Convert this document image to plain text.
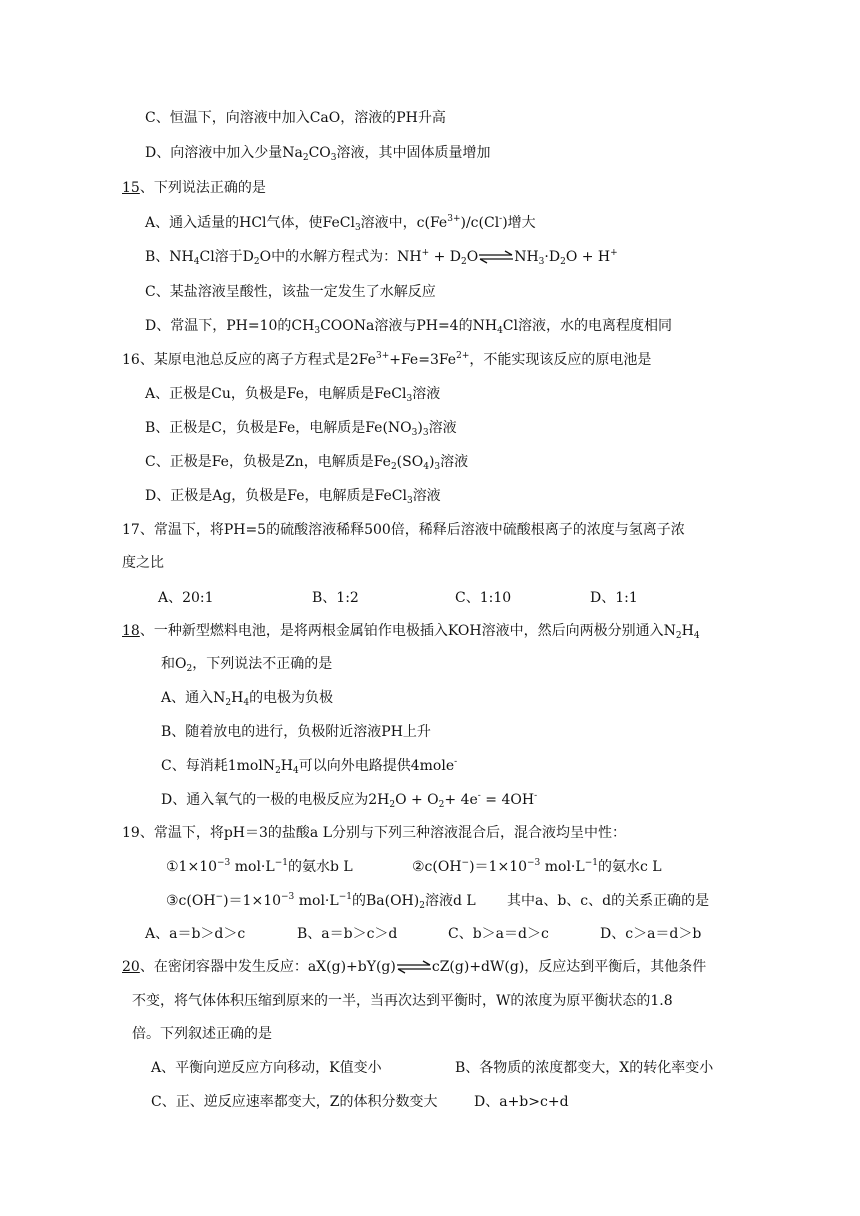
C、恒温下，向溶液中加入CaO，溶液的PH升高
D、向溶液中加入少量$Na_2CO_3$溶液，其中固体质量增加
15、下列说法正确的是
A、通入适量的HCl气体，使FeCl$_3$溶液中，$c(Fe^{3+})/c(Cl^-)$增大
B、$NH_4Cl$溶于$D_2O$中的水解方程式为：$NH^+ + D_2O\rightleftharpoons NH_3\cdot D_2O + H^+$
C、某盐溶液呈酸性，该盐一定发生了水解反应
D、常温下，PH=10的$CH_3COONa$溶液与PH=4的$NH_4Cl$溶液，水的电离程度相同
16、某原电池总反应的离子方程式是$2Fe^{3+}+Fe=3Fe^{2+}$，不能实现该反应的原电池是
A、正极是Cu，负极是Fe，电解质是FeCl$_3$溶液
B、正极是C，负极是Fe，电解质是$Fe(NO_3)_3$溶液
C、正极是Fe，负极是Zn，电解质是$Fe_2(SO_4)_3$溶液
D、正极是Ag，负极是Fe，电解质是FeCl$_3$溶液
17、常温下，将PH=5的硫酸溶液稀释500倍，稀释后溶液中硫酸根离子的浓度与氢离子浓
度之比
A、20:1	B、1:2	C、1:10	D、1:1
18、一种新型燃料电池，是将两根金属铂作电极插入KOH溶液中，然后向两极分别通入$N_2H_4$
和$O_2$，下列说法不正确的是
A、通入$N_2H_4$的电极为负极
B、随着放电的进行，负极附近溶液PH上升
C、每消耗$1molN_2H_4$可以向外电路提供4mole-
D、通入氧气的一极的电极反应为$2H_2O + O_2+ 4e^- = 4OH^-$
19、常温下，将pH＝3的盐酸a L分别与下列三种溶液混合后，混合液均呈中性：
$①1\times 10^{-3}$ $mol\cdot L^{-1}$的氨水b L	$②c(OH^-)=1\times 10^{-3}$ $mol\cdot L^{-1}$的氨水c L
$③c(OH^-)=1\times 10^{-3}$ $mol\cdot L^{-1}$的$Ba(OH)_2$溶液d L 其中a、b、c、d的关系正确的是
A、a＝b＞d＞c	B、a＝b＞c＞d	C、b＞a＝d＞c	D、c＞a＝d＞b
20、在密闭容器中发生反应：aX(g)+bY(g)⇌cZ(g)+dW(g)，反应达到平衡后，其他条件
不变，将气体体积压缩到原来的一半，当再次达到平衡时，W的浓度为原平衡状态的1.8
倍。下列叙述正确的是
A、平衡向逆反应方向移动，K值变小	B、各物质的浓度都变大，X的转化率变小
C、正、逆反应速率都变大，Z的体积分数变大	D、a+b>c+d
